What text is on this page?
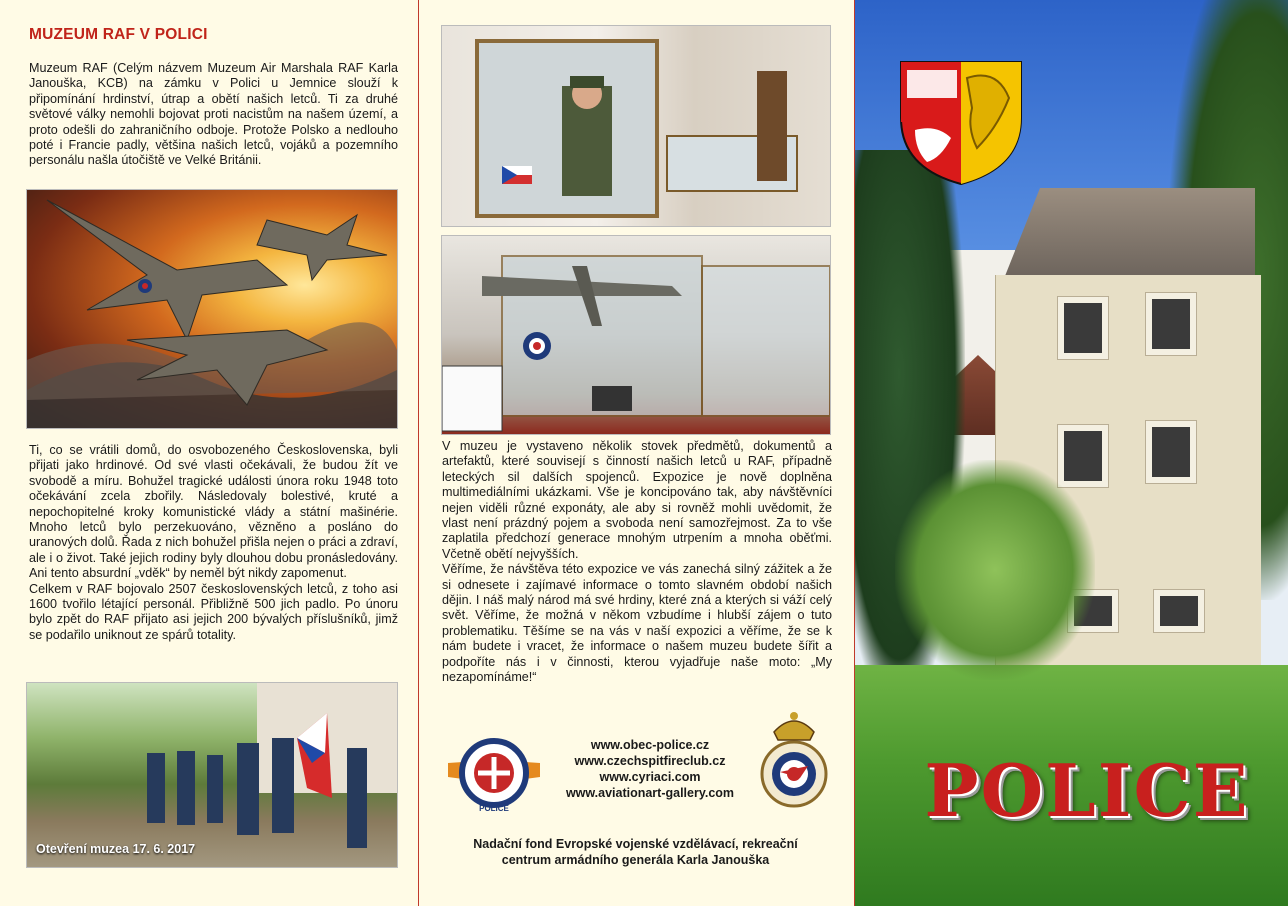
MUZEUM RAF V POLICI

Muzeum RAF (Celým názvem Muzeum Air Marshala RAF Karla Janouška, KCB) na zámku v Polici u Jemnice slouží k připomínání hrdinství, útrap a obětí našich letců. Ti za druhé světové války nemohli bojovat proti nacistům na našem území, a proto odešli do zahraničního odboje. Protože Polsko a nedlouho poté i Francie padly, většina našich letců, vojáků a pozemního personálu našla útočiště ve Velké Británii.

Ti, co se vrátili domů, do osvobozeného Československa, byli přijati jako hrdinové. Od své vlasti očekávali, že budou žít ve svobodě a míru. Bohužel tragické události února roku 1948 toto očekávání zcela zbořily. Následovaly bolestivé, kruté a nepochopitelné kroky komunistické vlády a státní mašinérie. Mnoho letců bylo perzekuováno, vězněno a posláno do uranových dolů. Řada z nich bohužel přišla nejen o práci a zdraví, ale i o život. Také jejich rodiny byly dlouhou dobu pronásledovány. Ani tento absurdní „vděk“ by neměl být nikdy zapomenut.

Celkem v RAF bojovalo 2507 československých letců, z toho asi 1600 tvořilo létající personál. Přibližně 500 jich padlo. Po únoru bylo zpět do RAF přijato asi jejich 200 bývalých příslušníků, jimž se podařilo uniknout ze spárů totality.

Otevření muzea 17. 6. 2017

V muzeu je vystaveno několik stovek předmětů, dokumentů a artefaktů, které souvisejí s činností našich letců u RAF, případně leteckých sil dalších spojenců. Expozice je nově doplněna multimediálními ukázkami. Vše je koncipováno tak, aby návštěvníci nejen viděli různé exponáty, ale aby si rovněž mohli uvědomit, že vlast není prázdný pojem a svoboda není samozřejmost. Za to vše zaplatila předchozí generace mnohým utrpením a mnoha oběťmi. Včetně obětí nejvyšších.

Věříme, že návštěva této expozice ve vás zanechá silný zážitek a že si odnesete i zajímavé informace o tomto slavném období našich dějin. I náš malý národ má své hrdiny, které zná a kterých si váží celý svět. Věříme, že možná v někom vzbudíme i hlubší zájem o tuto problematiku. Těšíme se na vás v naší expozici a věříme, že se k nám budete i vracet, že informace o našem muzeu budete šířit a podpoříte nás i v činnosti, kterou vyjadřuje naše moto: „My nezapomínáme!“

POLICE
www.obec-police.cz
www.czechspitfireclub.cz
www.cyriaci.com
www.aviationart-gallery.com
Nadační fond Evropské vojenské vzdělávací, rekreační
centrum armádního generála Karla Janouška
POLICE
